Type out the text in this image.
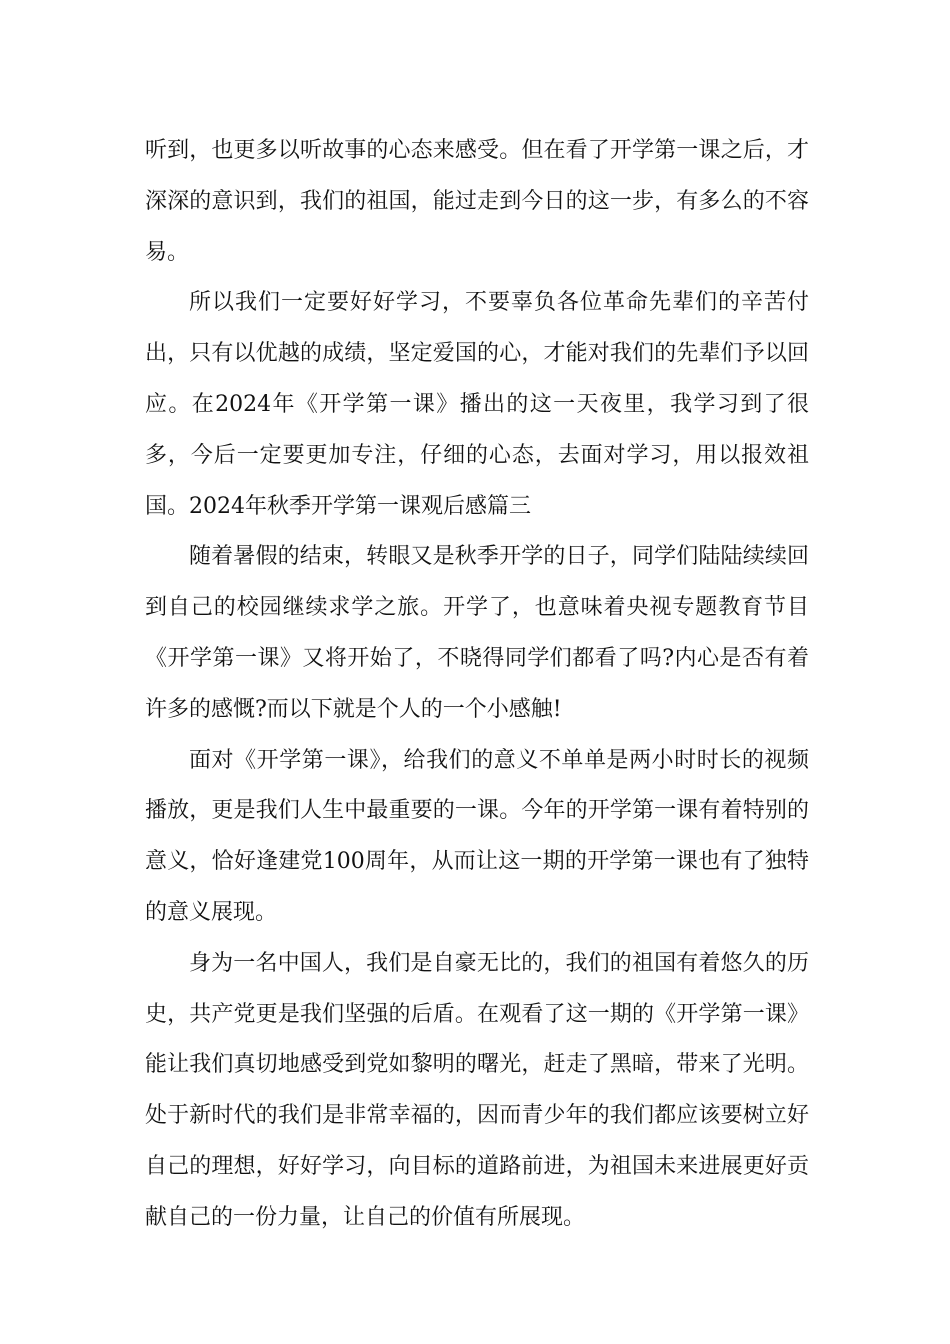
听到，也更多以听故事的心态来感受。但在看了开学第一课之后，才深深的意识到，我们的祖国，能过走到今日的这一步，有多么的不容易。

所以我们一定要好好学习，不要辜负各位革命先辈们的辛苦付出，只有以优越的成绩，坚定爱国的心，才能对我们的先辈们予以回应。在2024年《开学第一课》播出的这一天夜里，我学习到了很多，今后一定要更加专注，仔细的心态，去面对学习，用以报效祖国。2024年秋季开学第一课观后感篇三

随着暑假的结束，转眼又是秋季开学的日子，同学们陆陆续续回到自己的校园继续求学之旅。开学了，也意味着央视专题教育节目《开学第一课》又将开始了，不晓得同学们都看了吗?内心是否有着许多的感慨?而以下就是个人的一个小感触!

面对《开学第一课》，给我们的意义不单单是两小时时长的视频播放，更是我们人生中最重要的一课。今年的开学第一课有着特别的意义，恰好逢建党100周年，从而让这一期的开学第一课也有了独特的意义展现。

身为一名中国人，我们是自豪无比的，我们的祖国有着悠久的历史，共产党更是我们坚强的后盾。在观看了这一期的《开学第一课》能让我们真切地感受到党如黎明的曙光，赶走了黑暗，带来了光明。处于新时代的我们是非常幸福的，因而青少年的我们都应该要树立好自己的理想，好好学习，向目标的道路前进，为祖国未来进展更好贡献自己的一份力量，让自己的价值有所展现。
